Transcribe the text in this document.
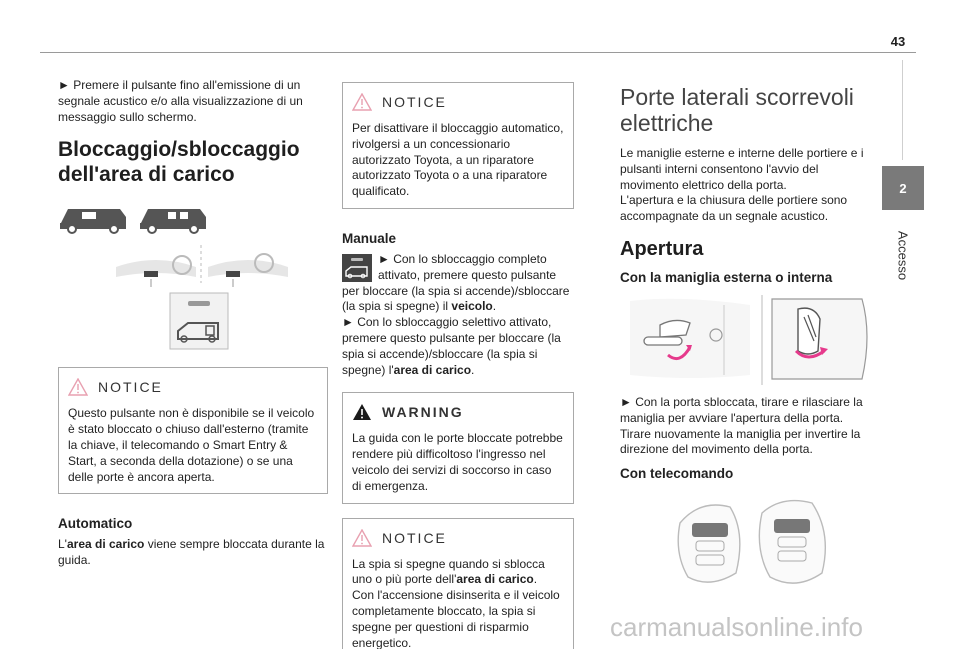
43
2
Accesso

► Premere il pulsante fino all'emissione di un segnale acustico e/o alla visualizzazione di un messaggio sullo schermo.

Bloccaggio/sbloccaggio dell'area di carico
NOTICE

Questo pulsante non è disponibile se il veicolo è stato bloccato o chiuso dall'esterno (tramite la chiave, il telecomando o Smart Entry & Start, a seconda della dotazione) o se una delle porte è ancora aperta.

Automatico

L'area di carico viene sempre bloccata durante la guida.

NOTICE

Per disattivare il bloccaggio automatico, rivolgersi a un concessionario autorizzato Toyota, a un riparatore autorizzato Toyota o a una riparatore qualificato.

Manuale

► Con lo sbloccaggio completo attivato, premere questo pulsante per bloccare (la spia si accende)/sbloccare (la spia si spegne) il veicolo.

► Con lo sbloccaggio selettivo attivato, premere questo pulsante per bloccare (la spia si accende)/sbloccare (la spia si spegne) l'area di carico.

WARNING

La guida con le porte bloccate potrebbe rendere più difficoltoso l'ingresso nel veicolo dei servizi di soccorso in caso di emergenza.

NOTICE

La spia si spegne quando si sblocca uno o più porte dell'area di carico.

Con l'accensione disinserita e il veicolo completamente bloccato, la spia si spegne per questioni di risparmio energetico.

Porte laterali scorrevoli elettriche

Le maniglie esterne e interne delle portiere e i pulsanti interni consentono l'avvio del movimento elettrico della porta.

L'apertura e la chiusura delle portiere sono accompagnate da un segnale acustico.

Apertura
Con la maniglia esterna o interna

► Con la porta sbloccata, tirare e rilasciare la maniglia per avviare l'apertura della porta. Tirare nuovamente la maniglia per invertire la direzione del movimento della porta.

Con telecomando
carmanualsonline.info
